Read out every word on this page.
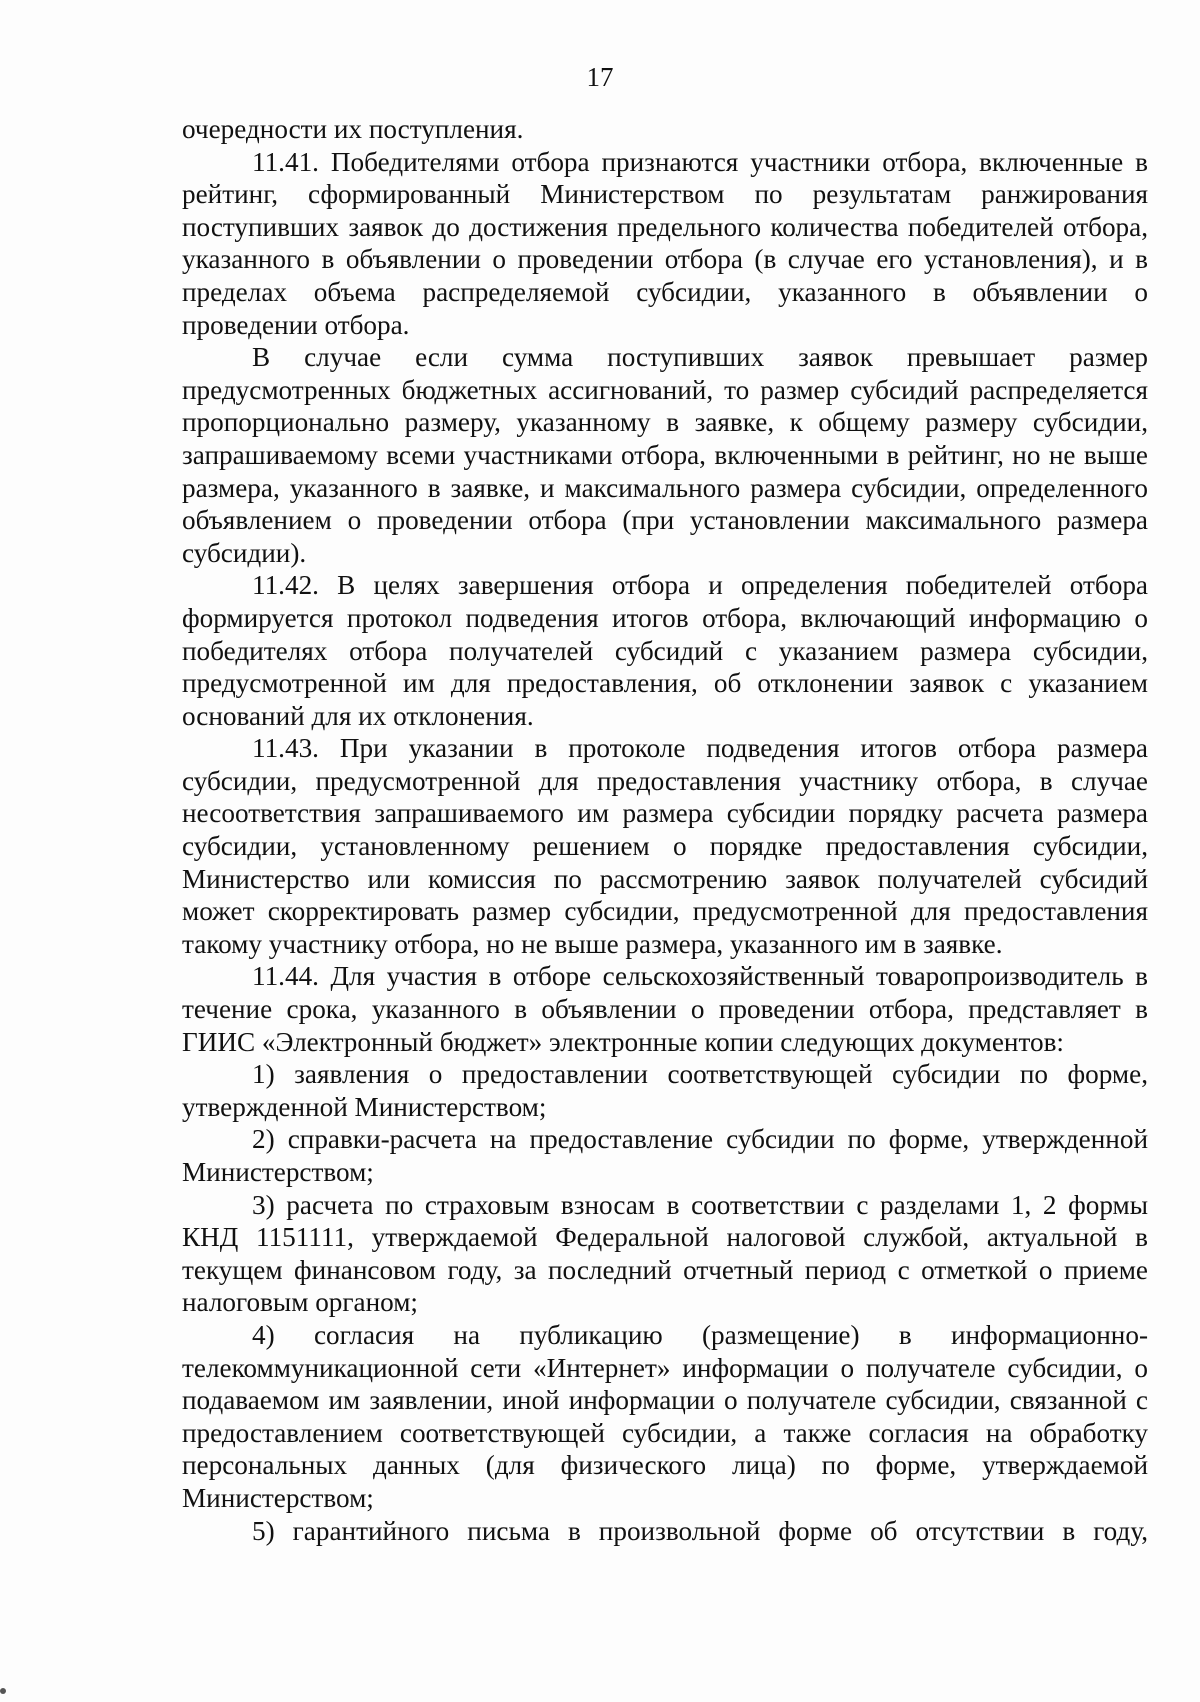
17

очередности их поступления.

11.41. Победителями отбора признаются участники отбора, включенные в рейтинг, сформированный Министерством по результатам ранжирования поступивших заявок до достижения предельного количества победителей отбора, указанного в объявлении о проведении отбора (в случае его установления), и в пределах объема распределяемой субсидии, указанного в объявлении о проведении отбора.

В случае если сумма поступивших заявок превышает размер предусмотренных бюджетных ассигнований, то размер субсидий распределяется пропорционально размеру, указанному в заявке, к общему размеру субсидии, запрашиваемому всеми участниками отбора, включенными в рейтинг, но не выше размера, указанного в заявке, и максимального размера субсидии, определенного объявлением о проведении отбора (при установлении максимального размера субсидии).

11.42. В целях завершения отбора и определения победителей отбора формируется протокол подведения итогов отбора, включающий информацию о победителях отбора получателей субсидий с указанием размера субсидии, предусмотренной им для предоставления, об отклонении заявок с указанием оснований для их отклонения.

11.43. При указании в протоколе подведения итогов отбора размера субсидии, предусмотренной для предоставления участнику отбора, в случае несоответствия запрашиваемого им размера субсидии порядку расчета размера субсидии, установленному решением о порядке предоставления субсидии, Министерство или комиссия по рассмотрению заявок получателей субсидий может скорректировать размер субсидии, предусмотренной для предоставления такому участнику отбора, но не выше размера, указанного им в заявке.

11.44. Для участия в отборе сельскохозяйственный товаропроизводитель в течение срока, указанного в объявлении о проведении отбора, представляет в ГИИС «Электронный бюджет» электронные копии следующих документов:

1) заявления о предоставлении соответствующей субсидии по форме, утвержденной Министерством;

2) справки-расчета на предоставление субсидии по форме, утвержденной Министерством;

3) расчета по страховым взносам в соответствии с разделами 1, 2 формы КНД 1151111, утверждаемой Федеральной налоговой службой, актуальной в текущем финансовом году, за последний отчетный период с отметкой о приеме налоговым органом;

4) согласия на публикацию (размещение) в информационно-телекоммуникационной сети «Интернет» информации о получателе субсидии, о подаваемом им заявлении, иной информации о получателе субсидии, связанной с предоставлением соответствующей субсидии, а также согласия на обработку персональных данных (для физического лица) по форме, утверждаемой Министерством;

5) гарантийного письма в произвольной форме об отсутствии в году,
